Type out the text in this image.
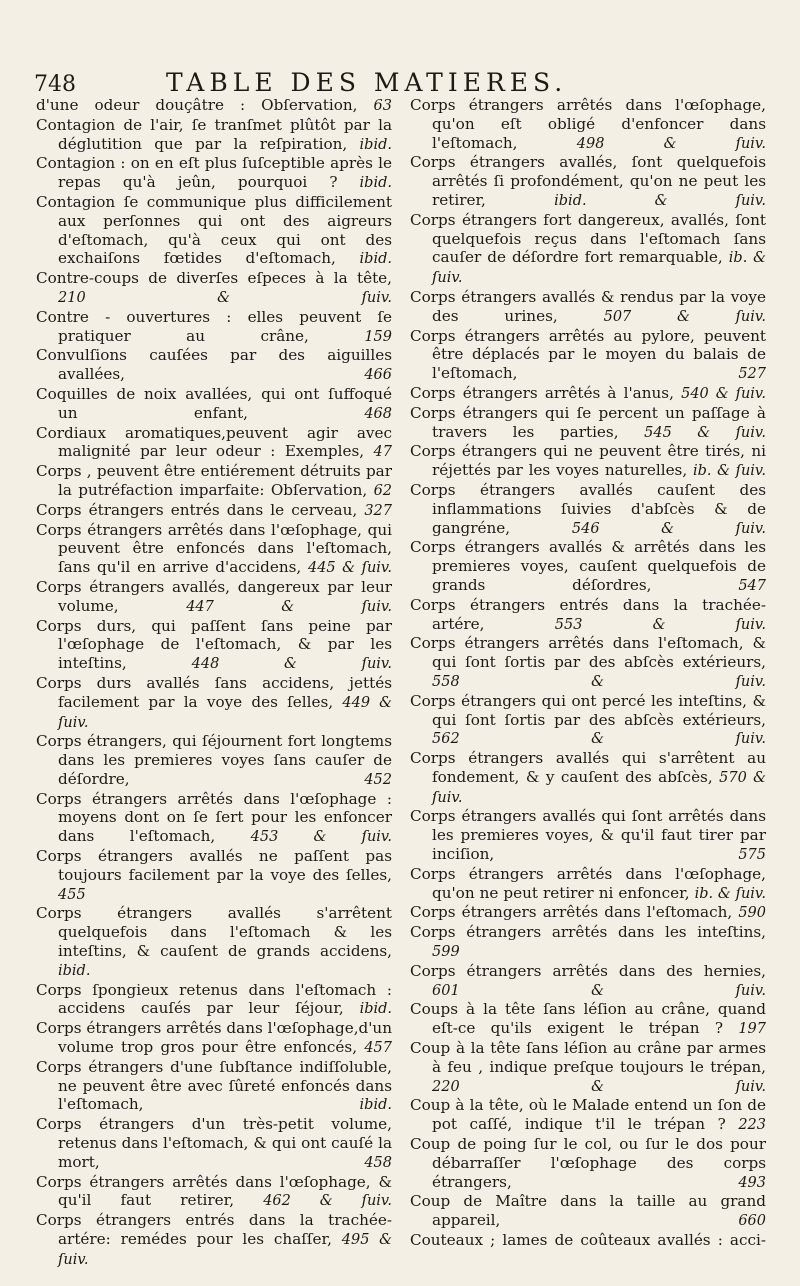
748	TABLE DES MATIERES.
d'une odeur douçâtre : Obſervation, 63
Contagion de l'air, ſe tranſmet plûtôt par la déglutition que par la reſpiration, ibid.
Contagion : on en eſt plus ſuſceptible après le repas qu'à jeûn, pourquoi ? ibid.
Contagion ſe communique plus difficilement aux perſonnes qui ont des aigreurs d'eſtomach, qu'à ceux qui ont des exchaiſons fœtides d'eſtomach, ibid.
Contre-coups de diverſes eſpeces à la tête, 210 & ſuiv.
Contre - ouvertures : elles peuvent ſe pratiquer au crâne,	159
Convulſions cauſées par des aiguilles avallées,	466
Coquilles de noix avallées, qui ont ſuffoqué un enfant,	468
Cordiaux aromatiques,peuvent agir avec malignité par leur odeur : Exemples, 47
Corps , peuvent être entiérement détruits par la putréfaction imparfaite: Obſervation, 62
Corps étrangers entrés dans le cerveau, 327
Corps étrangers arrêtés dans l'œſophage, qui peuvent être enfoncés dans l'eſtomach, ſans qu'il en arrive d'accidens, 445 & ſuiv.
Corps étrangers avallés, dangereux par leur volume,	447 & ſuiv.
Corps durs, qui paſſent ſans peine par l'œſophage de l'eſtomach, & par les inteſtins,	448 & ſuiv.
Corps durs avallés ſans accidens, jettés facilement par la voye des ſelles, 449 & ſuiv.
Corps étrangers, qui ſéjournent fort longtems dans les premieres voyes ſans cauſer de déſordre,	452
Corps étrangers arrêtés dans l'œſophage : moyens dont on ſe ſert pour les enfoncer dans l'eſtomach, 453 & ſuiv.
Corps étrangers avallés ne paſſent pas toujours facilement par la voye des ſelles, 455
Corps étrangers avallés s'arrêtent quelquefois dans l'eſtomach & les inteſtins, & cauſent de grands accidens, ibid.
Corps ſpongieux retenus dans l'eſtomach : accidens cauſés par leur ſéjour, ibid.
Corps étrangers arrêtés dans l'œſophage,d'un volume trop gros pour être enfoncés, 457
Corps étrangers d'une ſubſtance indiſſoluble, ne peuvent être avec ſûreté enfoncés dans l'eſtomach,	ibid.
Corps étrangers d'un très-petit volume, retenus dans l'eſtomach, & qui ont cauſé la mort,	458
Corps étrangers arrêtés dans l'œſophage, & qu'il faut retirer, 462 & ſuiv.
Corps étrangers entrés dans la trachée-artére: remédes pour les chaſſer, 495 & ſuiv.
Corps étrangers arrêtés dans l'œſophage, qu'on eſt obligé d'enfoncer dans l'eſtomach,	498 & ſuiv.
Corps étrangers avallés, ſont quelquefois arrêtés ſi profondément, qu'on ne peut les retirer,	ibid. & ſuiv.
Corps étrangers fort dangereux, avallés, ſont quelquefois reçus dans l'eſtomach ſans cauſer de déſordre fort remarquable, ib. & ſuiv.
Corps étrangers avallés & rendus par la voye des urines,	507 & ſuiv.
Corps étrangers arrêtés au pylore, peuvent être déplacés par le moyen du balais de l'eſtomach,	527
Corps étrangers arrêtés à l'anus, 540 & ſuiv.
Corps étrangers qui ſe percent un paſſage à travers les parties, 545 & ſuiv.
Corps étrangers qui ne peuvent être tirés, ni réjettés par les voyes naturelles, ib. & ſuiv.
Corps étrangers avallés cauſent des inflammations ſuivies d'abſcès & de gangréne,	546 & ſuiv.
Corps étrangers avallés & arrêtés dans les premieres voyes, cauſent quelquefois de grands déſordres,	547
Corps étrangers entrés dans la trachée-artére,	553 & ſuiv.
Corps étrangers arrêtés dans l'eſtomach, & qui ſont ſortis par des abſcès extérieurs, 558 & ſuiv.
Corps étrangers qui ont percé les inteſtins, & qui ſont ſortis par des abſcès extérieurs, 562 & ſuiv.
Corps étrangers avallés qui s'arrêtent au fondement, & y cauſent des abſcès, 570 & ſuiv.
Corps étrangers avallés qui ſont arrêtés dans les premieres voyes, & qu'il faut tirer par inciſion,	575
Corps étrangers arrêtés dans l'œſophage, qu'on ne peut retirer ni enfoncer, ib. & ſuiv.
Corps étrangers arrêtés dans l'eſtomach, 590
Corps étrangers arrêtés dans les inteſtins, 599
Corps étrangers arrêtés dans des hernies, 601 & ſuiv.
Coups à la tête ſans léſion au crâne, quand eſt-ce qu'ils exigent le trépan ? 197
Coup à la tête ſans léſion au crâne par armes à feu , indique preſque toujours le trépan, 220 & ſuiv.
Coup à la tête, où le Malade entend un ſon de pot caſſé, indique t'il le trépan ? 223
Coup de poing ſur le col, ou ſur le dos pour débarraſſer l'œſophage des corps étrangers,	493
Coup de Maître dans la taille au grand appareil,	660
Couteaux ; lames de coûteaux avallés : acci-
